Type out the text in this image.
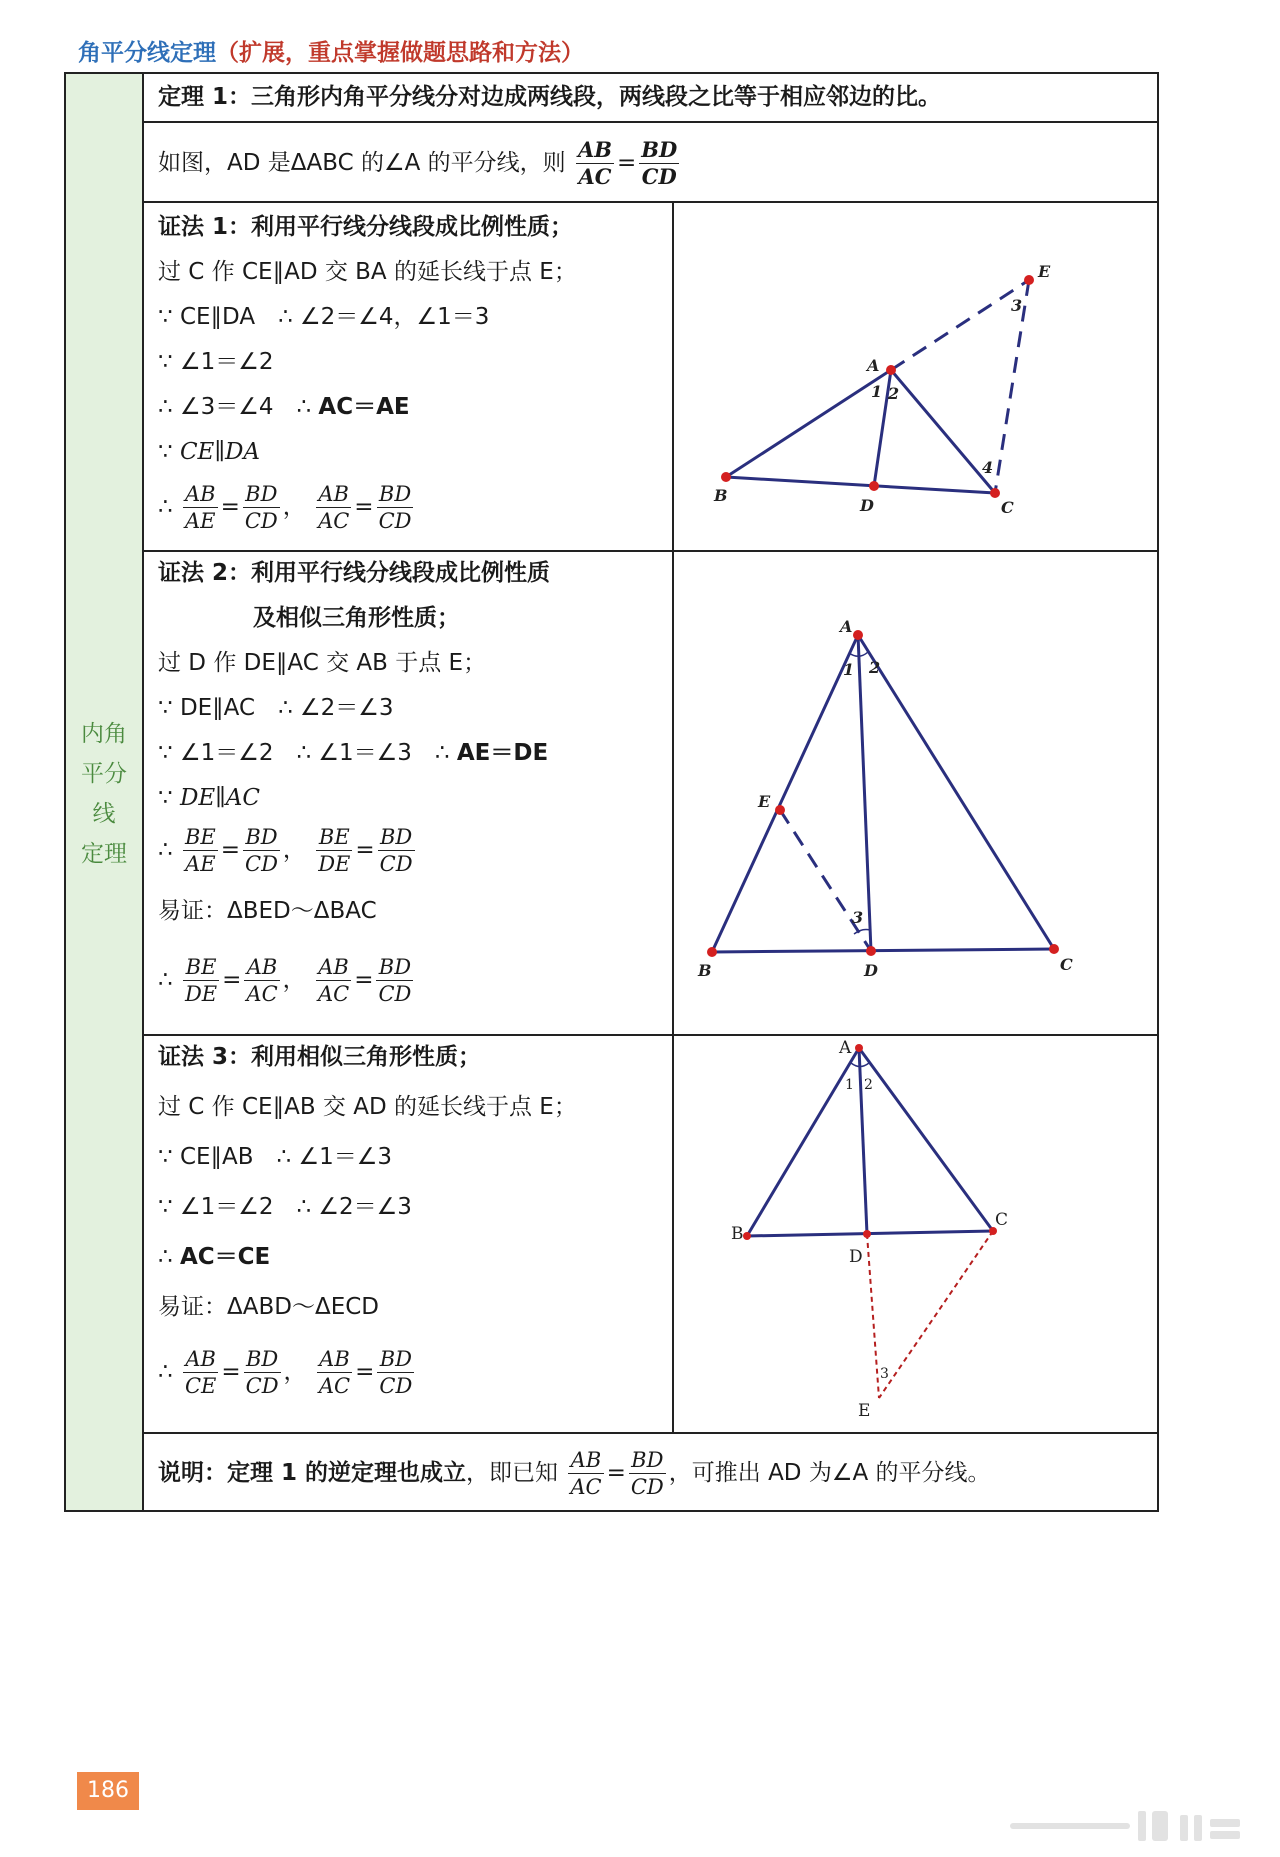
角平分线定理（扩展，重点掌握做题思路和方法）
内角
平分
线
定理
定理 1：三角形内角平分线分对边成两线段，两线段之比等于相应邻边的比。
如图，AD 是ΔABC 的∠A 的平分线，则 $\frac{AB}{AC} = \frac{BD}{CD}$
证法 1：利用平行线分线段成比例性质；
过 C 作 CE∥AD 交 BA 的延长线于点 E；
∵ CE∥DA　∴ ∠2＝∠4，∠1＝3
∵ ∠1＝∠2
∴ ∠3＝∠4　∴ AC＝AE
∵ CE∥DA
∴ $\frac{AB}{AE} = \frac{BD}{CD}$ ， $\frac{AB}{AC} = \frac{BD}{CD}$
E
3
A
1 2
4
B
D	C
证法 2：利用平行线分线段成比例性质
及相似三角形性质；
过 D 作 DE∥AC 交 AB 于点 E；
∵ DE∥AC　∴ ∠2＝∠3
∵ ∠1＝∠2　∴ ∠1＝∠3　∴ AE＝DE
∵ DE∥AC
∴ $\frac{BE}{AE} = \frac{BD}{CD}$ ， $\frac{BE}{DE} = \frac{BD}{CD}$
易证：ΔBED～ΔBAC
∴ $\frac{BE}{DE} = \frac{AB}{AC}$ ， $\frac{AB}{AC} = \frac{BD}{CD}$
A
1 2
E
3
B	D	C
证法 3：利用相似三角形性质；
过 C 作 CE∥AB 交 AD 的延长线于点 E；
∵ CE∥AB　∴ ∠1＝∠3
∵ ∠1＝∠2　∴ ∠2＝∠3
∴ AC＝CE
易证：ΔABD～ΔECD
∴ $\frac{AB}{CE} = \frac{BD}{CD}$ ， $\frac{AB}{AC} = \frac{BD}{CD}$
A
1 2
B
C
D
3
E
说明：定理 1 的逆定理也成立，即已知 $\frac{AB}{AC} = \frac{BD}{CD}$ ，可推出 AD 为∠A 的平分线。
186
